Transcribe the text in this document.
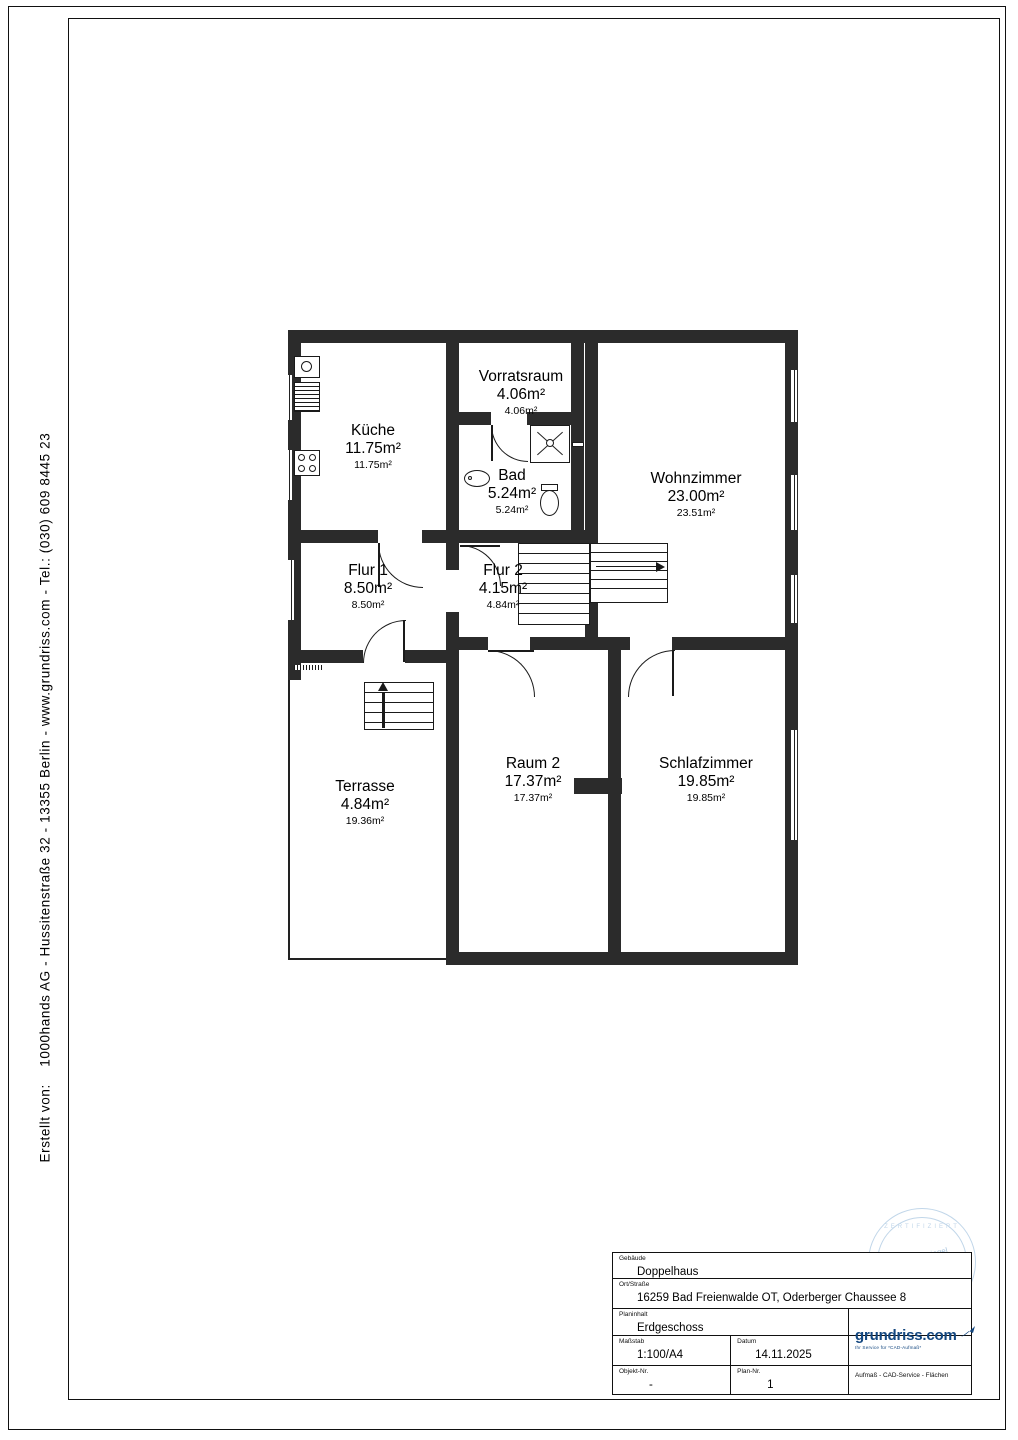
Erstellt von:    1000hands AG - Hussitenstraße 32 - 13355 Berlin - www.grundriss.com - Tel.: (030) 609 8445 23
Küche
11.75m²
11.75m²
Vorratsraum
4.06m²
4.06m²
Bad
5.24m²
5.24m²
Wohnzimmer
23.00m²
23.51m²
Flur 1
8.50m²
8.50m²
Flur 2
4.15m²
4.84m²
Terrasse
4.84m²
19.36m²
Raum 2
17.37m²
17.37m²
Schlafzimmer
19.85m²
19.85m²
ZERTIFIZIERT
Gebäude
Doppelhaus
Ort/Straße
16259 Bad Freienwalde OT, Oderberger Chaussee 8
Planinhalt
Erdgeschoss
Maßstab
1:100/A4
Datum
14.11.2025
Objekt-Nr.
-
Plan-Nr.
1
grundriss.com
Ihr Service für *CAD-Aufmaß*
Aufmaß - CAD-Service - Flächen
